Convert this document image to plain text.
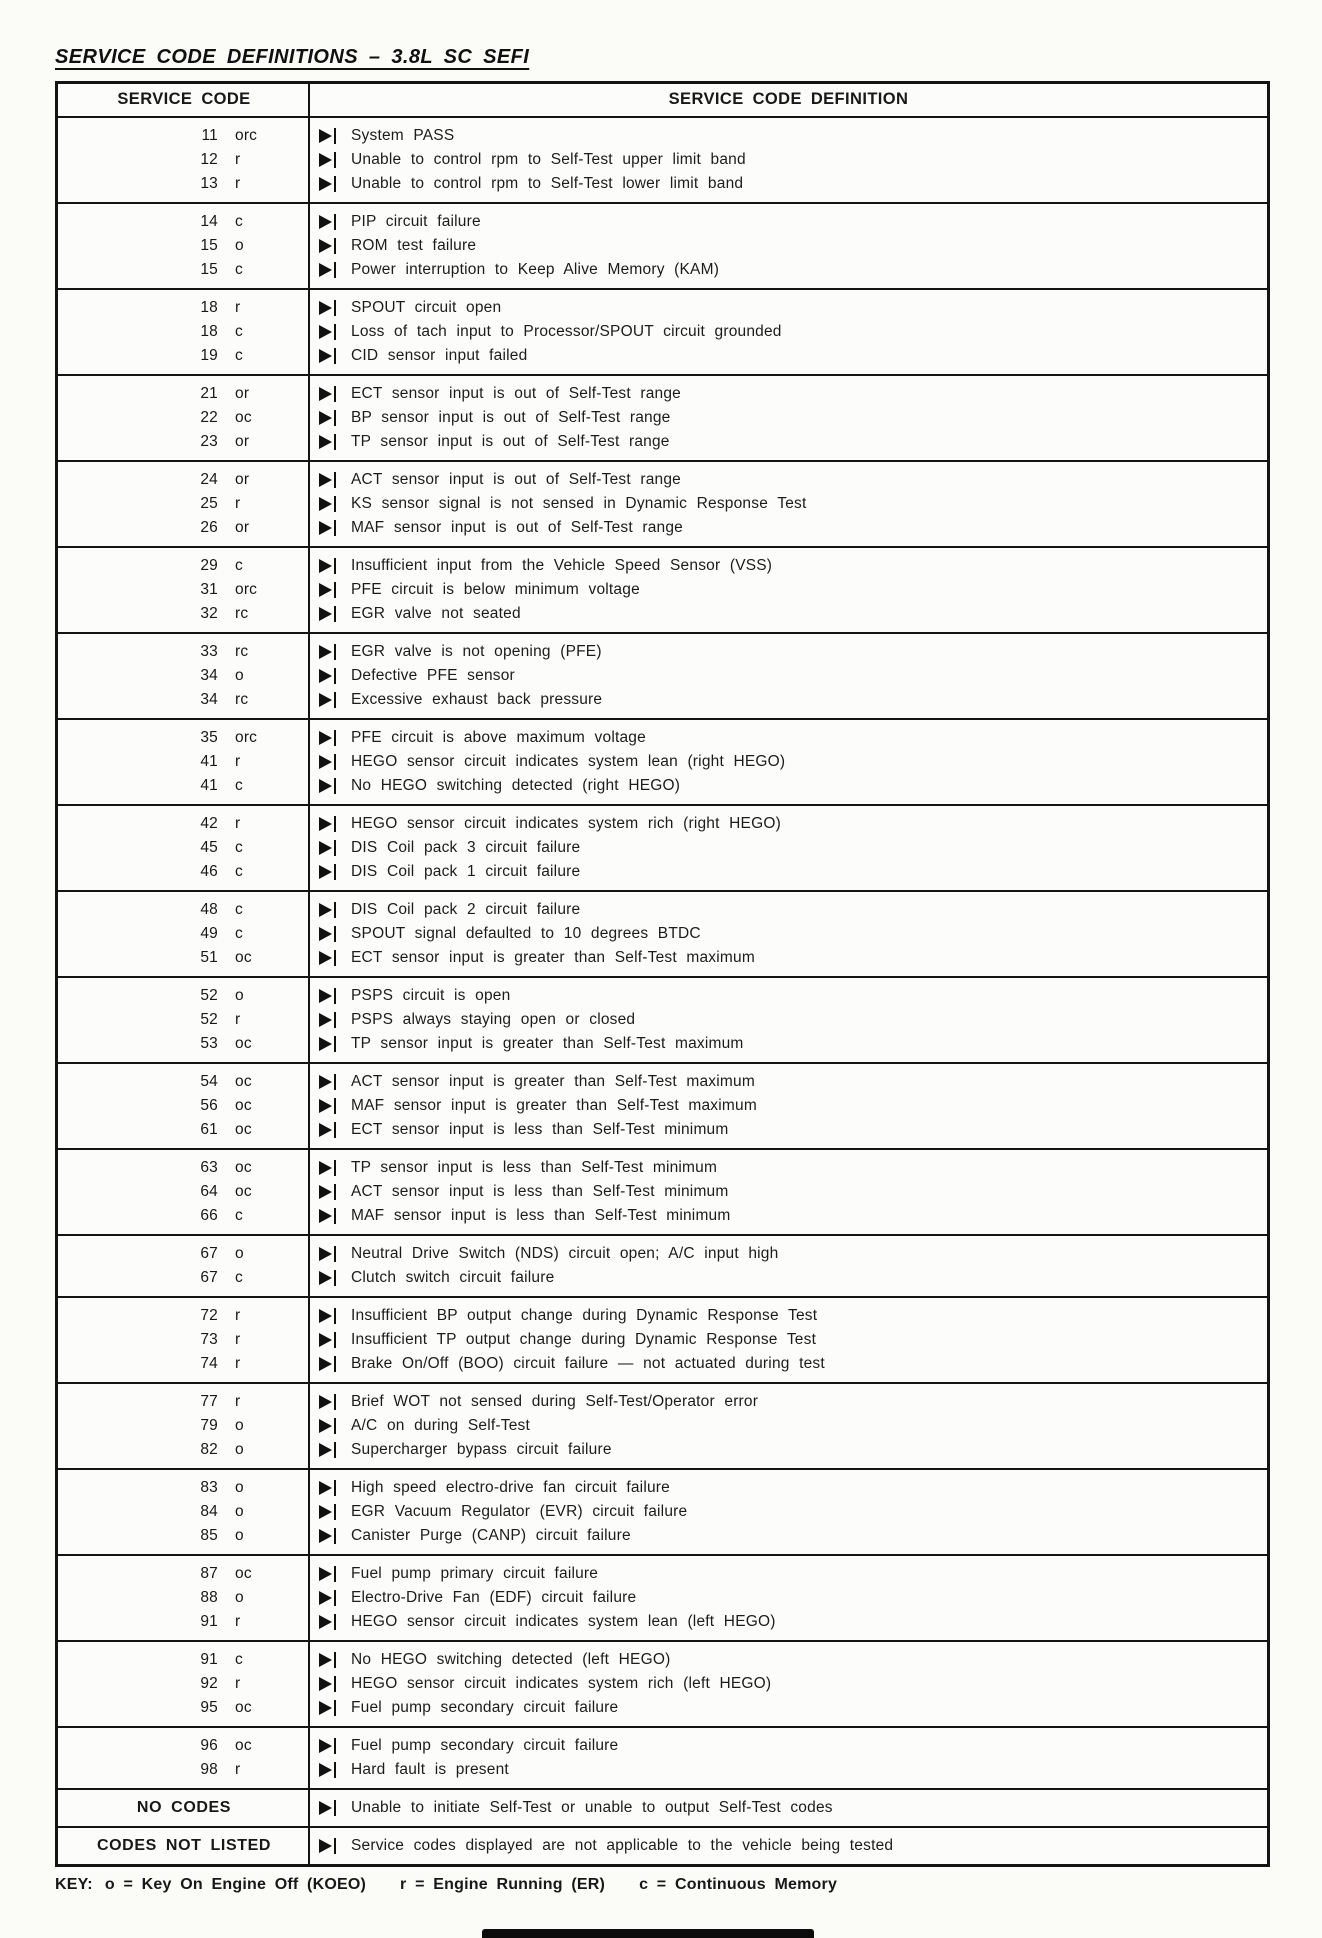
SERVICE CODE DEFINITIONS – 3.8L SC SEFI
SERVICE CODE	SERVICE CODE DEFINITION
11 orc	System PASS
12 r	Unable to control rpm to Self-Test upper limit band
13 r	Unable to control rpm to Self-Test lower limit band
14 c	PIP circuit failure
15 o	ROM test failure
15 c	Power interruption to Keep Alive Memory (KAM)
18 r	SPOUT circuit open
18 c	Loss of tach input to Processor/SPOUT circuit grounded
19 c	CID sensor input failed
21 or	ECT sensor input is out of Self-Test range
22 oc	BP sensor input is out of Self-Test range
23 or	TP sensor input is out of Self-Test range
24 or	ACT sensor input is out of Self-Test range
25 r	KS sensor signal is not sensed in Dynamic Response Test
26 or	MAF sensor input is out of Self-Test range
29 c	Insufficient input from the Vehicle Speed Sensor (VSS)
31 orc	PFE circuit is below minimum voltage
32 rc	EGR valve not seated
33 rc	EGR valve is not opening (PFE)
34 o	Defective PFE sensor
34 rc	Excessive exhaust back pressure
35 orc	PFE circuit is above maximum voltage
41 r	HEGO sensor circuit indicates system lean (right HEGO)
41 c	No HEGO switching detected (right HEGO)
42 r	HEGO sensor circuit indicates system rich (right HEGO)
45 c	DIS Coil pack 3 circuit failure
46 c	DIS Coil pack 1 circuit failure
48 c	DIS Coil pack 2 circuit failure
49 c	SPOUT signal defaulted to 10 degrees BTDC
51 oc	ECT sensor input is greater than Self-Test maximum
52 o	PSPS circuit is open
52 r	PSPS always staying open or closed
53 oc	TP sensor input is greater than Self-Test maximum
54 oc	ACT sensor input is greater than Self-Test maximum
56 oc	MAF sensor input is greater than Self-Test maximum
61 oc	ECT sensor input is less than Self-Test minimum
63 oc	TP sensor input is less than Self-Test minimum
64 oc	ACT sensor input is less than Self-Test minimum
66 c	MAF sensor input is less than Self-Test minimum
67 o	Neutral Drive Switch (NDS) circuit open; A/C input high
67 c	Clutch switch circuit failure
72 r	Insufficient BP output change during Dynamic Response Test
73 r	Insufficient TP output change during Dynamic Response Test
74 r	Brake On/Off (BOO) circuit failure — not actuated during test
77 r	Brief WOT not sensed during Self-Test/Operator error
79 o	A/C on during Self-Test
82 o	Supercharger bypass circuit failure
83 o	High speed electro-drive fan circuit failure
84 o	EGR Vacuum Regulator (EVR) circuit failure
85 o	Canister Purge (CANP) circuit failure
87 oc	Fuel pump primary circuit failure
88 o	Electro-Drive Fan (EDF) circuit failure
91 r	HEGO sensor circuit indicates system lean (left HEGO)
91 c	No HEGO switching detected (left HEGO)
92 r	HEGO sensor circuit indicates system rich (left HEGO)
95 oc	Fuel pump secondary circuit failure
96 oc	Fuel pump secondary circuit failure
98 r	Hard fault is present
NO CODES	Unable to initiate Self-Test or unable to output Self-Test codes
CODES NOT LISTED	Service codes displayed are not applicable to the vehicle being tested
KEY: o = Key On Engine Off (KOEO) r = Engine Running (ER) c = Continuous Memory
